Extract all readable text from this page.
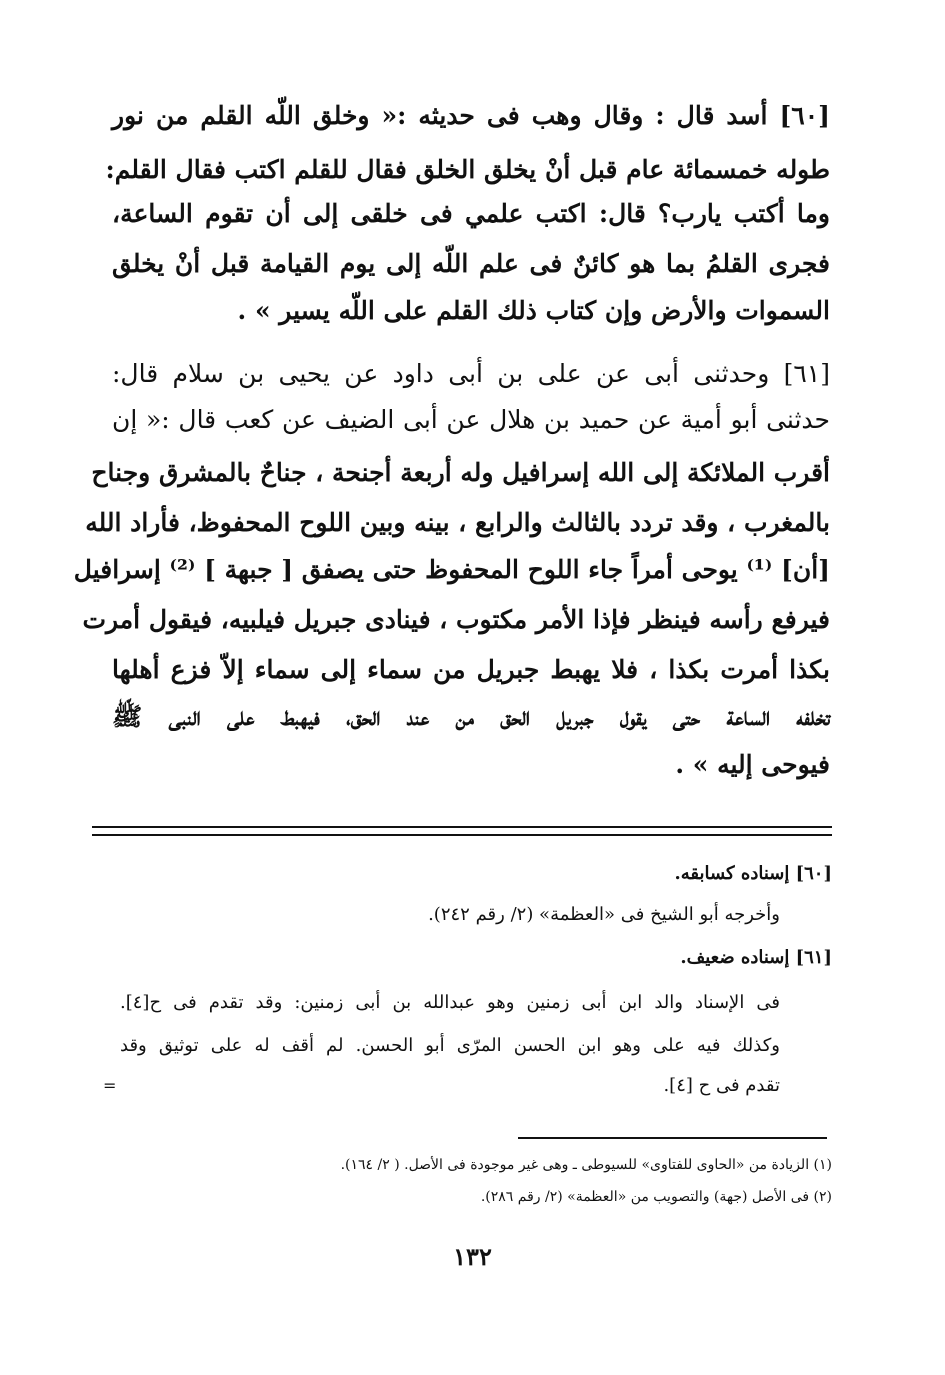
[٦٠] أسد قال : وقال وهب فى حديثه :« وخلق اللّه القلم من نور
طوله خمسمائة عام قبل أنْ يخلق الخلق فقال للقلم اكتب فقال القلم:
وما أكتب يارب؟ قال: اكتب علمي فى خلقى إلى أن تقوم الساعة،
فجرى القلمُ بما هو كائنٌ فى علم اللّه إلى يوم القيامة قبل أنْ يخلق
السموات والأرض وإن كتاب ذلك القلم على اللّه يسير » .
[٦١] وحدثنى أبى عن على بن أبى داود عن يحيى بن سلام قال:
حدثنى أبو أمية عن حميد بن هلال عن أبى الضيف عن كعب قال :« إن
أقرب الملائكة إلى الله إسرافيل وله أربعة أجنحة ، جناحٌ بالمشرق وجناح
بالمغرب ، وقد تردد بالثالث والرابع ، بينه وبين اللوح المحفوظ، فأراد الله
[أن] ⁽¹⁾ يوحى أمراً جاء اللوح المحفوظ حتى يصفق [ جبهة ] ⁽²⁾ إسرافيل
فيرفع رأسه فينظر فإذا الأمر مكتوب ، فينادى جبريل فيلبيه، فيقول أمرت
بكذا أمرت بكذا ، فلا يهبط جبريل من سماء إلى سماء إلاّ فزع أهلها
تخلفه الساعة حتى يقول جبريل الحق من عند الحق، فيهبط على النبى ﷺ
فيوحى إليه » .
[٦٠] إسناده كسابقه.
وأخرجه أبو الشيخ فى «العظمة» (٢/ رقم ٢٤٢).
[٦١] إسناده ضعيف.
فى الإسناد والد ابن أبى زمنين وهو عبدالله بن أبى زمنين: وقد تقدم فى ح[٤].
وكذلك فيه على وهو ابن الحسن المرّى أبو الحسن. لم أقف له على توثيق وقد
تقدم فى ح [٤].
=
(١) الزيادة من «الحاوى للفتاوى» للسيوطى ـ وهى غير موجودة فى الأصل. ( ٢/ ١٦٤).
(٢) فى الأصل (جهة) والتصويب من «العظمة» (٢/ رقم ٢٨٦).
١٣٢
